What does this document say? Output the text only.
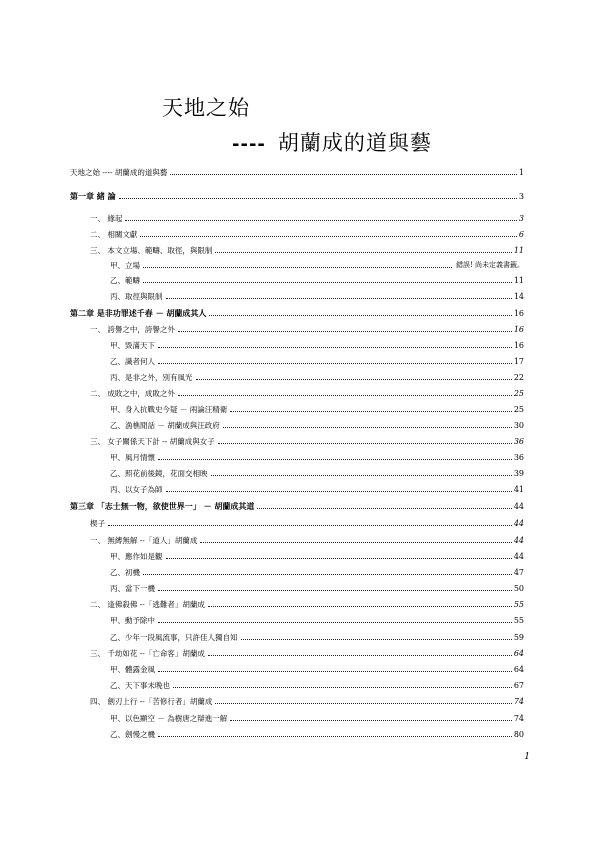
天地之始
---- 胡蘭成的道與藝
天地之始 ---- 胡蘭成的道與藝	1
第一章 緒 論	3
一、 緣起	3
二、 相關文獻	6
三、 本文立場、範疇、取徑，與限制	11
甲、立場	錯誤! 尚未定義書籤。
乙、範疇	11
丙、取徑與限制	14
第二章 是非功罪述千春 － 胡蘭成其人	16
一、 誇譽之中，誇譽之外	16
甲、毀滿天下	16
乙、識者何人	17
丙、是非之外，別有風光	22
二、 成敗之中，成敗之外	25
甲、身入抗戰史今疑 － 兩論汪精衛	25
乙、漁樵閒話 － 胡蘭成與汪政府	30
三、 女子關係天下計 -- 胡蘭成與女子	36
甲、風月情懷	36
乙、照花前後鏡，花面交相映	39
丙、以女子為師	41
第三章 「志士無一物，欲使世界一」 － 胡蘭成其道	44
楔子	44
一、 無縛無解 --「道人」胡蘭成	44
甲、應作如是觀	44
乙、初機	47
丙、當下一機	50
二、 逢佛殺佛 --「逃難者」胡蘭成	55
甲、動予除中	55
乙、少年一段風流事，只許佳人獨自知	59
三、 千劫如花 --「亡命客」胡蘭成	64
甲、體露金風	64
乙、天下事未晚也	67
四、 劍刃上行 --「苦修行者」胡蘭成	74
甲、以色顯空 － 為樹唐之辯進一解	74
乙、劍慢之機	80
1
